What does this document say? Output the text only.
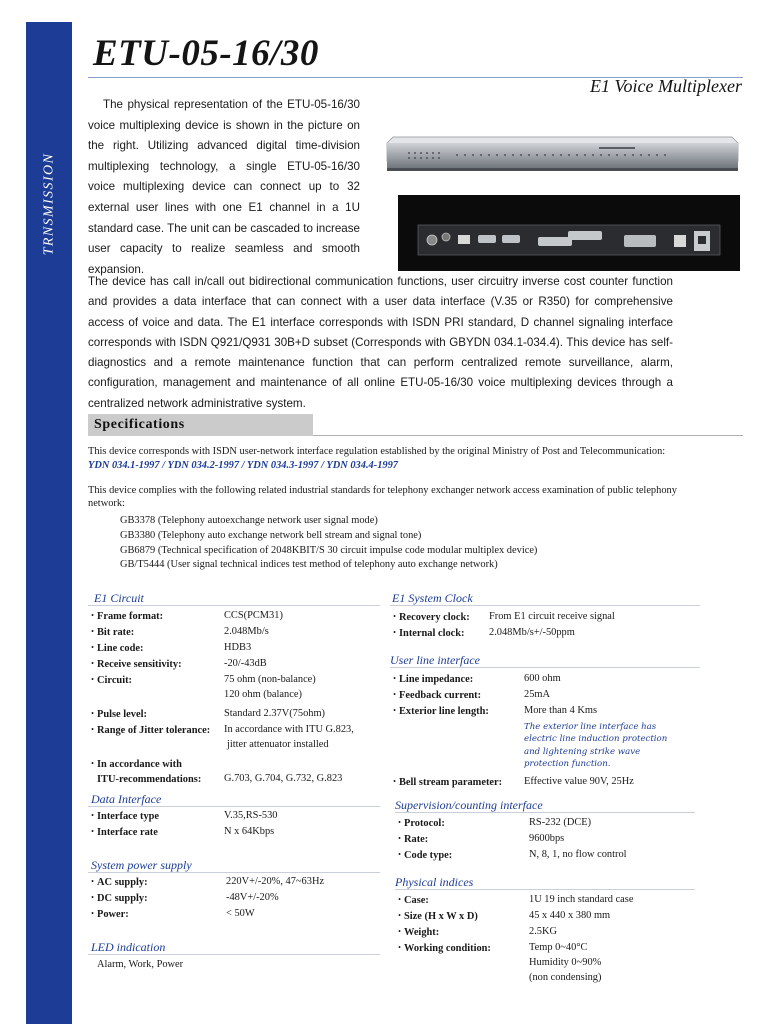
TRNSMISSION
ETU-05-16/30
E1 Voice Multiplexer

The physical representation of the ETU-05-16/30 voice multiplexing device is shown in the picture on the right. Utilizing advanced digital time-division multiplexing technology, a single ETU-05-16/30 voice multiplexing device can connect up to 32 external user lines with one E1 channel in a 1U standard case. The unit can be cascaded to increase user capacity to realize seamless and smooth expansion.

The device has call in/call out bidirectional communication functions, user circuitry inverse cost counter function and provides a data interface that can connect with a user data interface (V.35 or R350) for comprehensive access of voice and data. The E1 interface corresponds with ISDN PRI standard, D channel signaling interface corresponds with ISDN Q921/Q931 30B+D subset (Corresponds with GBYDN 034.1-034.4). This device has self-diagnostics and a remote maintenance function that can perform centralized remote surveillance, alarm, configuration, management and maintenance of all online ETU-05-16/30 voice multiplexing devices through a centralized network administrative system.
Specifications
This device corresponds with ISDN user-network interface regulation established by the original Ministry of Post and Telecommunication:
YDN 034.1-1997 / YDN 034.2-1997 / YDN 034.3-1997 / YDN 034.4-1997
This device complies with the following related industrial standards for telephony exchanger network access examination of public telephony network:
GB3378 (Telephony autoexchange network user signal mode)
GB3380 (Telephony auto exchange network bell stream and signal tone)
GB6879 (Technical specification of 2048KBIT/S 30 circuit impulse code modular multiplex device)
GB/T5444 (User signal technical indices test method of telephony auto exchange network)
E1 Circuit
• Frame format:	CCS(PCM31)
• Bit rate:	2.048Mb/s
• Line code:	HDB3
• Receive sensitivity:	-20/-43dB
• Circuit:	75 ohm (non-balance)
120 ohm (balance)
• Pulse level:	Standard 2.37V(75ohm)
• Range of Jitter tolerance:	In accordance with ITU G.823,
jitter attenuator installed
• In accordance with
ITU-recommendations:	G.703, G.704, G.732, G.823
Data Interface
• Interface type	V.35,RS-530
• Interface rate	N x 64Kbps
System power supply
• AC supply:	220V+/-20%, 47~63Hz
• DC supply:	-48V+/-20%
• Power:	< 50W
LED indication
Alarm, Work, Power
E1 System Clock
• Recovery clock:	From E1 circuit receive signal
• Internal clock:	2.048Mb/s+/-50ppm
User line interface
• Line impedance:	600 ohm
• Feedback current:	25mA
• Exterior line length:	More than 4 Kms
The exterior line interface has electric line induction protection and lightening strike wave protection function.
• Bell stream parameter:	Effective value 90V, 25Hz
Supervision/counting interface
• Protocol:	RS-232 (DCE)
• Rate:	9600bps
• Code type:	N, 8, 1, no flow control
Physical indices
• Case:	1U 19 inch standard case
• Size (H x W x D)	45 x 440 x 380 mm
• Weight:	2.5KG
• Working condition:	Temp 0~40°C
Humidity 0~90%
(non condensing)
